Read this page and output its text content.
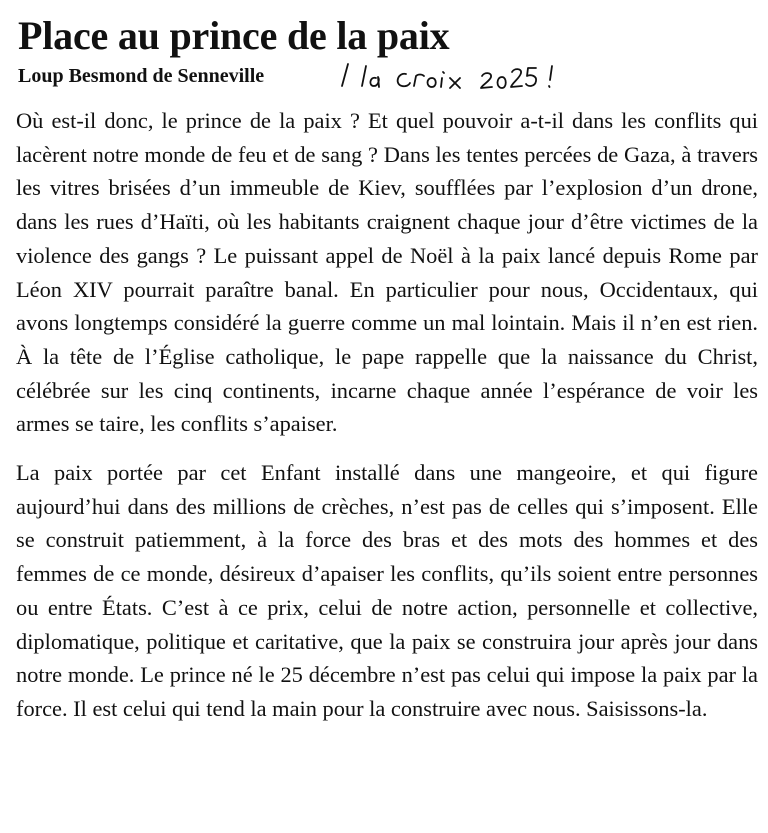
Place au prince de la paix
Loup Besmond de Senneville

Où est-il donc, le prince de la paix ? Et quel pouvoir a-t-il dans les conflits qui lacèrent notre monde de feu et de sang ? Dans les tentes percées de Gaza, à travers les vitres brisées d’un immeuble de Kiev, soufflées par l’explosion d’un drone, dans les rues d’Haïti, où les habitants craignent chaque jour d’être victimes de la violence des gangs ? Le puissant appel de Noël à la paix lancé depuis Rome par Léon XIV pourrait paraître banal. En particulier pour nous, Occidentaux, qui avons longtemps considéré la guerre comme un mal lointain. Mais il n’en est rien. À la tête de l’Église catholique, le pape rappelle que la naissance du Christ, célébrée sur les cinq continents, incarne chaque année l’espérance de voir les armes se taire, les conflits s’apaiser.

La paix portée par cet Enfant installé dans une mangeoire, et qui figure aujourd’hui dans des millions de crèches, n’est pas de celles qui s’imposent. Elle se construit patiemment, à la force des bras et des mots des hommes et des femmes de ce monde, désireux d’apaiser les conflits, qu’ils soient entre personnes ou entre États. C’est à ce prix, celui de notre action, personnelle et collective, diplomatique, politique et caritative, que la paix se construira jour après jour dans notre monde. Le prince né le 25 décembre n’est pas celui qui impose la paix par la force. Il est celui qui tend la main pour la construire avec nous. Saisissons-la.
